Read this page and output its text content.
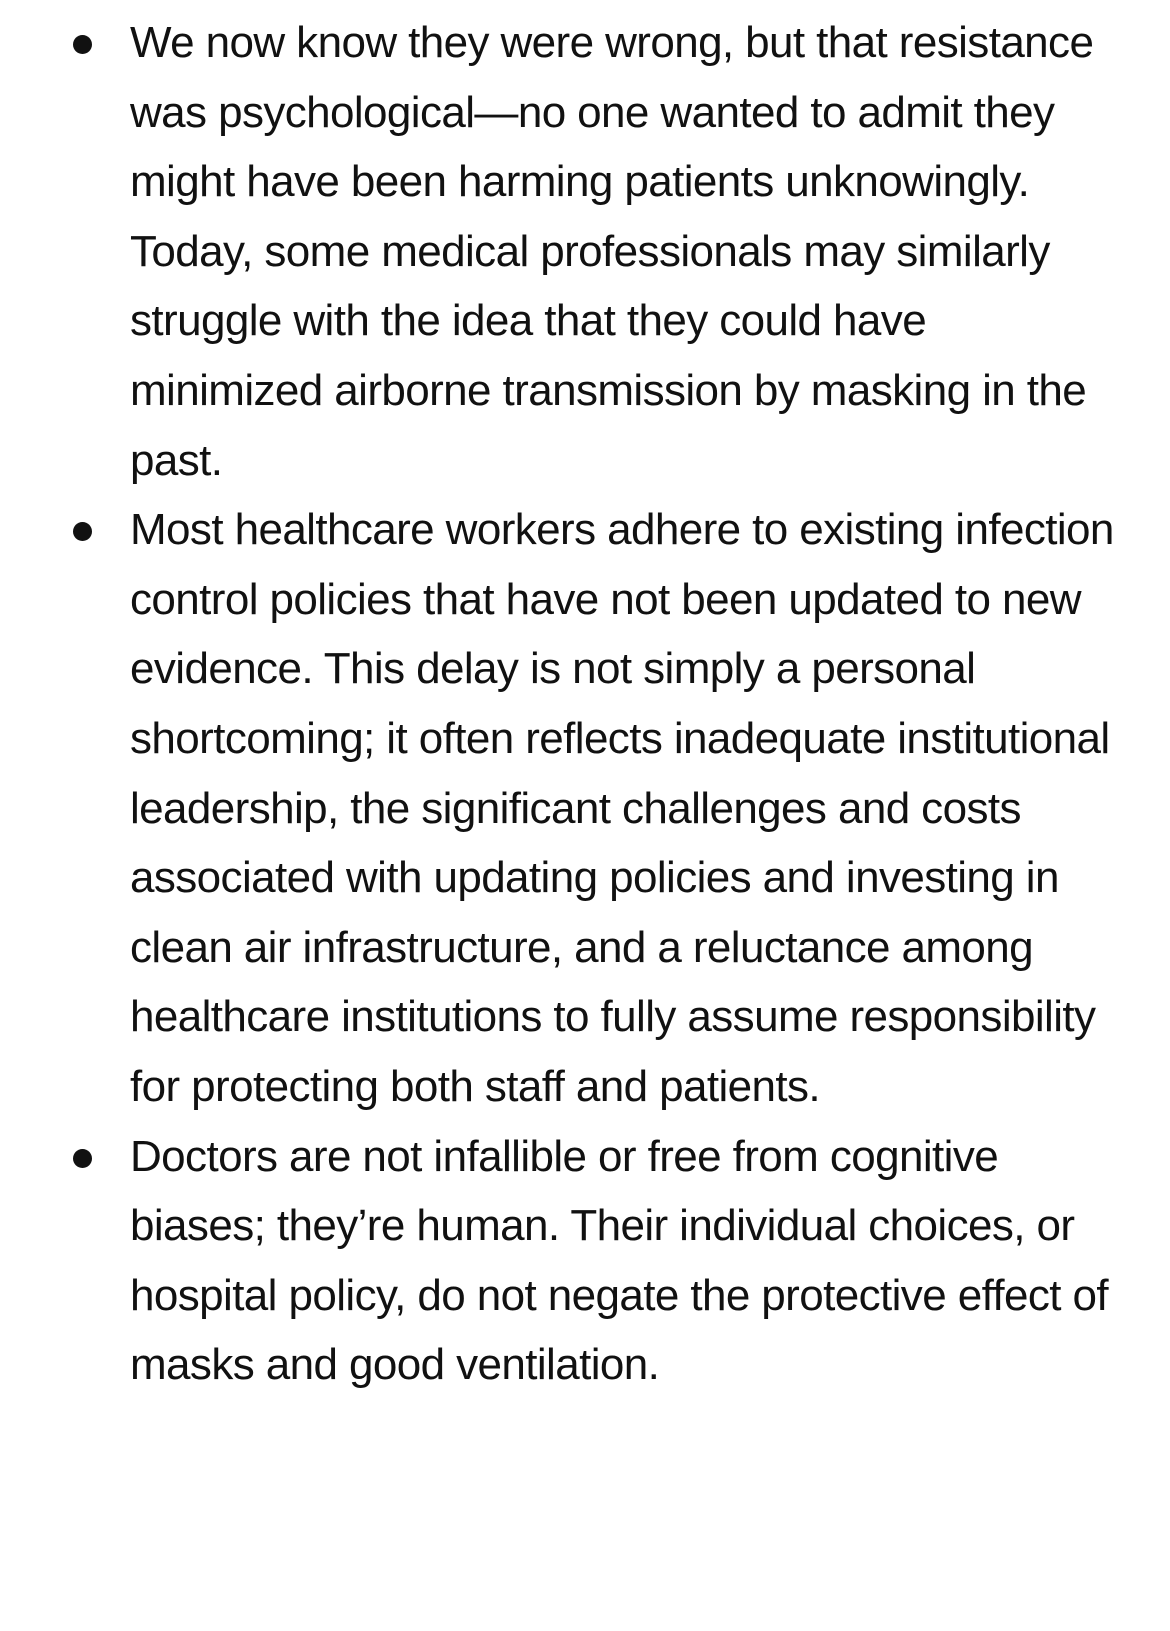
We now know they were wrong, but that resistance was psychological—no one wanted to admit they might have been harming patients unknowingly. Today, some medical professionals may similarly struggle with the idea that they could have minimized airborne transmission by masking in the past.
Most healthcare workers adhere to existing infection control policies that have not been updated to new evidence. This delay is not simply a personal shortcoming; it often reflects inadequate institutional leadership, the significant challenges and costs associated with updating policies and investing in clean air infrastructure, and a reluctance among healthcare institutions to fully assume responsibility for protecting both staff and patients.
Doctors are not infallible or free from cognitive biases; they’re human. Their individual choices, or hospital policy, do not negate the protective effect of masks and good ventilation.
